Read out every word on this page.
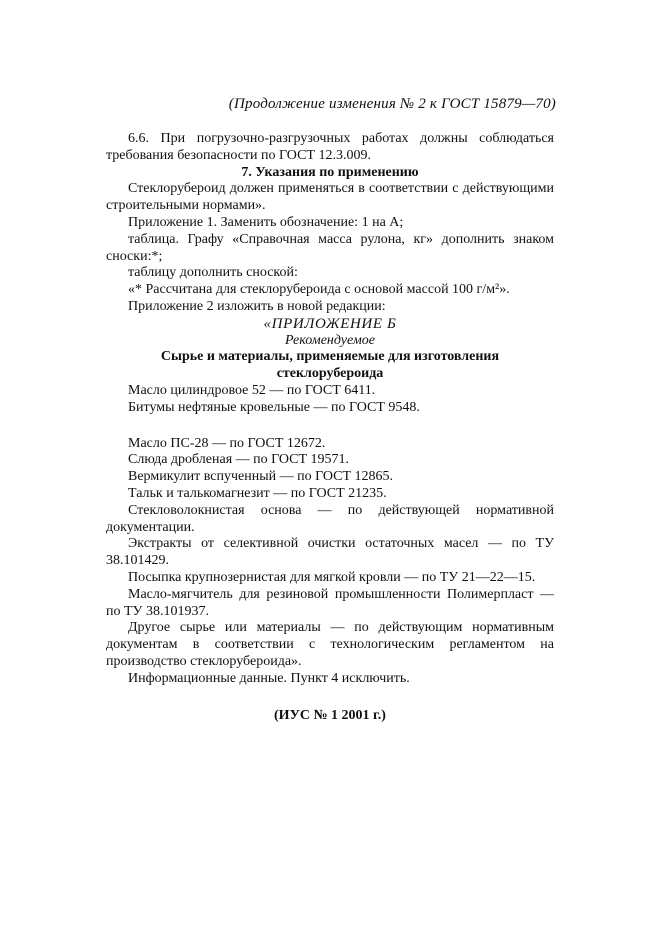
(Продолжение изменения № 2 к ГОСТ 15879—70)

6.6. При погрузочно-разгрузочных работах должны соблюдаться требования безопасности по ГОСТ 12.3.009.

7. Указания по применению

Стеклорубероид должен применяться в соответствии с действующими строительными нормами».

Приложение 1. Заменить обозначение: 1 на А;

таблица. Графу «Справочная масса рулона, кг» дополнить знаком сноски:*;

таблицу дополнить сноской:

«* Рассчитана для стеклорубероида с основой массой 100 г/м²».

Приложение 2 изложить в новой редакции:

«ПРИЛОЖЕНИЕ Б

Рекомендуемое

Сырье и материалы, применяемые для изготовления стеклорубероида

Масло цилиндровое 52 — по ГОСТ 6411.

Битумы нефтяные кровельные — по ГОСТ 9548.

Масло ПС-28 — по ГОСТ 12672.

Слюда дробленая — по ГОСТ 19571.

Вермикулит вспученный — по ГОСТ 12865.

Тальк и талькомагнезит — по ГОСТ 21235.

Стекловолокнистая основа — по действующей нормативной документации.

Экстракты от селективной очистки остаточных масел — по ТУ 38.101429.

Посыпка крупнозернистая для мягкой кровли — по ТУ 21—22—15.

Масло-мягчитель для резиновой промышленности Полимерпласт — по ТУ 38.101937.

Другое сырье или материалы — по действующим нормативным документам в соответствии с технологическим регламентом на производство стеклорубероида».

Информационные данные. Пункт 4 исключить.

(ИУС № 1 2001 г.)
